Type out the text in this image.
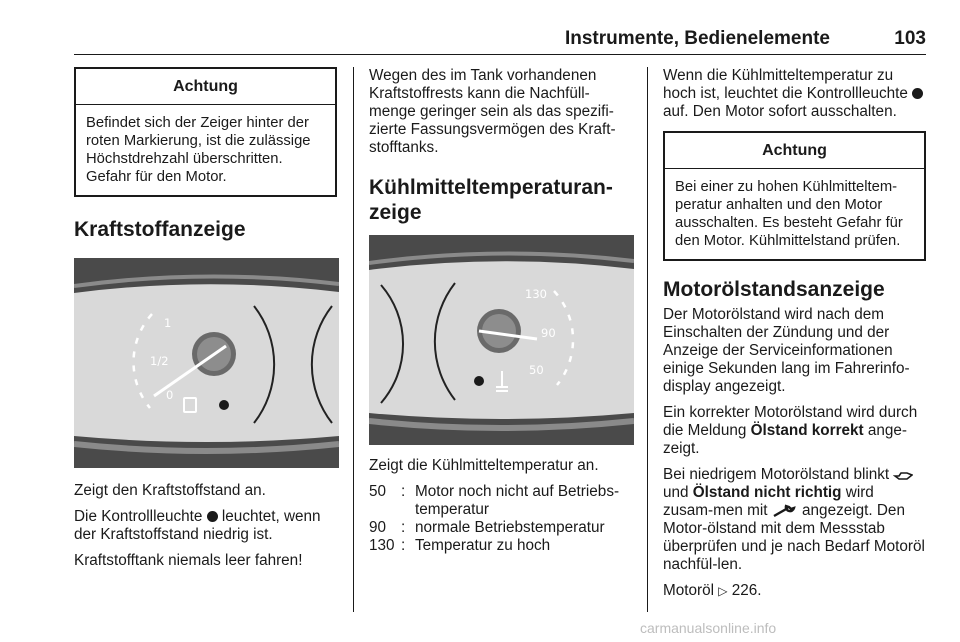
Instrumente, Bedienelemente	103
Achtung
Befindet sich der Zeiger hinter der roten Markierung, ist die zulässige Höchstdrehzahl überschritten. Gefahr für den Motor.
Kraftstoffanzeige
1
1/2
0

Zeigt den Kraftstoffstand an.

Die Kontrollleuchte leuchtet, wenn der Kraftstoffstand niedrig ist.

Kraftstofftank niemals leer fahren!

Wegen des im Tank vorhandenen Kraftstoffrests kann die Nachfüll-menge geringer sein als das spezifi-zierte Fassungsvermögen des Kraft-stofftanks.

Kühlmitteltemperaturan-zeige
130
90
50

Zeigt die Kühlmitteltemperatur an.

50 : Motor noch nicht auf Betriebs-temperatur
90 : normale Betriebstemperatur
130 : Temperatur zu hoch

Wenn die Kühlmitteltemperatur zu hoch ist, leuchtet die Kontrollleuchte  auf. Den Motor sofort ausschalten.

Achtung
Bei einer zu hohen Kühlmitteltem-peratur anhalten und den Motor ausschalten. Es besteht Gefahr für den Motor. Kühlmittelstand prüfen.
Motorölstandsanzeige

Der Motorölstand wird nach dem Einschalten der Zündung und der Anzeige der Serviceinformationen einige Sekunden lang im Fahrerinfo-display angezeigt.

Ein korrekter Motorölstand wird durch die Meldung Ölstand korrekt ange-zeigt.

Bei niedrigem Motorölstand blinkt  und Ölstand nicht richtig wird zusam-men mit angezeigt. Den Motor-ölstand mit dem Messstab überprüfen und je nach Bedarf Motoröl nachfül-len.

Motoröl ▷ 226.

carmanualsonline.info
